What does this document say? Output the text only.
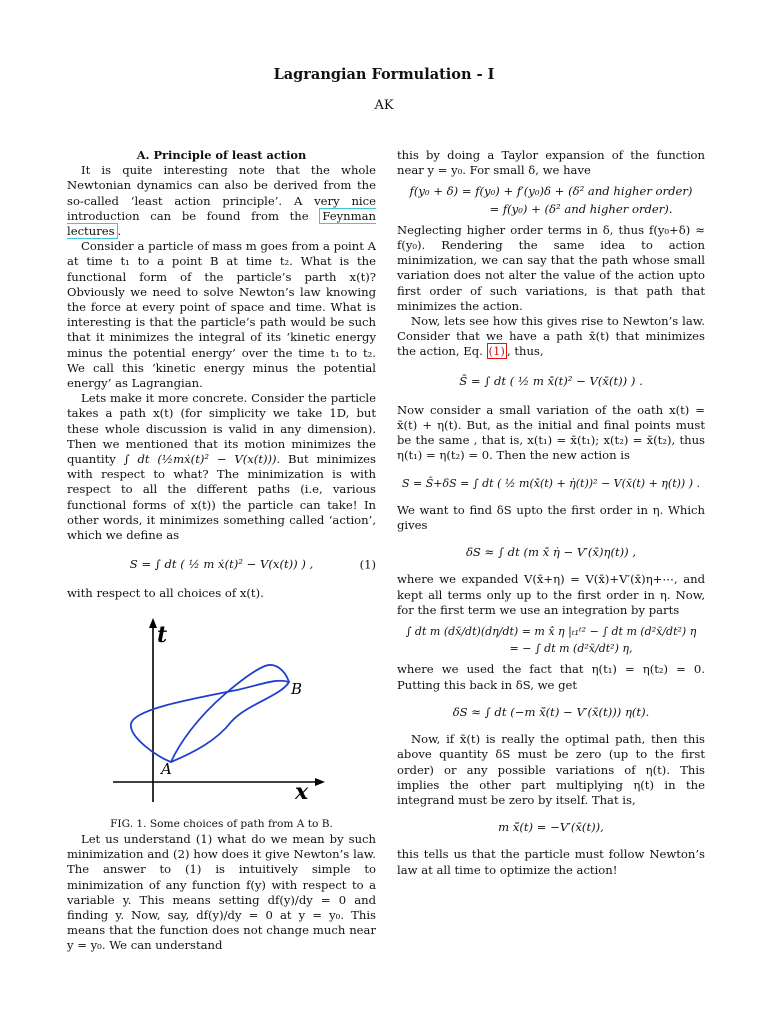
Lagrangian Formulation - I
AK

A. Principle of least action

It is quite interesting note that the whole Newtonian dynamics can also be derived from the so-called ‘least action principle’. A very nice introduction can be found from the Feynman lectures .

Consider a particle of mass m goes from a point A at time t₁ to a point B at time t₂. What is the functional form of the particle’s parth x(t)? Obviously we need to solve Newton’s law knowing the force at every point of space and time. What is interesting is that the particle’s path would be such that it minimizes the integral of its ‘kinetic energy minus the potential energy’ over the time t₁ to t₂. We call this ‘kinetic energy minus the potential energy’ as Lagrangian.

Lets make it more concrete. Consider the particle takes a path x(t) (for simplicity we take 1D, but these whole discussion is valid in any dimension). Then we mentioned that its motion minimizes the quantity ∫ dt (½mẋ(t)² − V(x(t))). But minimizes with respect to what? The minimization is with respect to all the different paths (i.e, various functional forms of x(t)) the particle can take! In other words, it minimizes something called ‘action’, which we define as

S = ∫ dt ( ½ m ẋ(t)² − V(x(t)) ) ,	(1)

with respect to all choices of x(t).

t
x
A
B

FIG. 1. Some choices of path from A to B.

Let us understand (1) what do we mean by such minimization and (2) how does it give Newton’s law. The answer to (1) is intuitively simple to minimization of any function f(y) with respect to a variable y. This means setting df(y)/dy = 0 and finding y. Now, say, df(y)/dy = 0 at y = y₀. This means that the function does not change much near y = y₀. We can understand

this by doing a Taylor expansion of the function near y = y₀. For small δ, we have

f(y₀ + δ) = f(y₀) + f′(y₀)δ + (δ² and higher order)
= f(y₀) + (δ² and higher order).

Neglecting higher order terms in δ, thus f(y₀+δ) ≈ f(y₀). Rendering the same idea to action minimization, we can say that the path whose small variation does not alter the value of the action upto first order of such variations, is that path that minimizes the action.

Now, lets see how this gives rise to Newton’s law. Consider that we have a path x̄(t) that minimizes the action, Eq. (1) , thus,

S̄ = ∫ dt ( ½ m x̄̇(t)² − V(x̄(t)) ) .

Now consider a small variation of the oath x(t) = x̄(t) + η(t). But, as the initial and final points must be the same , that is, x(t₁) = x̄(t₁); x(t₂) = x̄(t₂), thus η(t₁) = η(t₂) = 0. Then the new action is

S = S̄+δS = ∫ dt ( ½ m(x̄̇(t) + η̇(t))² − V(x̄(t) + η(t)) ) .

We want to find δS upto the first order in η. Which gives

δS ≈ ∫ dt (m x̄̇ η̇ − V′(x̄)η(t)) ,

where we expanded V(x̄+η) = V(x̄)+V′(x̄)η+⋯, and kept all terms only up to the first order in η. Now, for the first term we use an integration by parts

∫ dt m (dx̄/dt)(dη/dt) = m x̄̇ η |ₜ₁ᵗ² − ∫ dt m (d²x̄/dt²) η
= − ∫ dt m (d²x̄/dt²) η,

where we used the fact that η(t₁) = η(t₂) = 0. Putting this back in δS, we get

δS ≈ ∫ dt (−m x̄̈(t) − V′(x̄(t))) η(t).

Now, if x̄(t) is really the optimal path, then this above quantity δS must be zero (up to the first order) or any possible variations of η(t). This implies the other part multiplying η(t) in the integrand must be zero by itself. That is,

m x̄̈(t) = −V′(x̄(t)),

this tells us that the particle must follow Newton’s law at all time to optimize the action!
